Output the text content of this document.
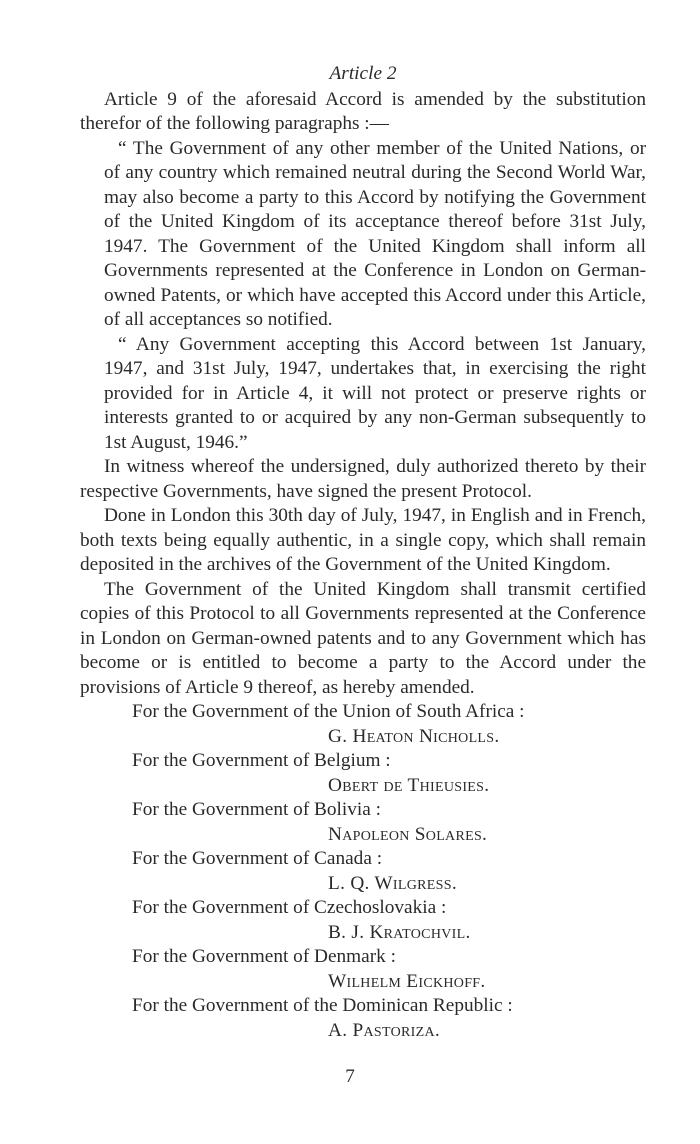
Article 2

Article 9 of the aforesaid Accord is amended by the substitution therefor of the following paragraphs :—

“ The Government of any other member of the United Nations, or of any country which remained neutral during the Second World War, may also become a party to this Accord by notifying the Government of the United Kingdom of its acceptance thereof before 31st July, 1947. The Government of the United Kingdom shall inform all Governments represented at the Conference in London on German-owned Patents, or which have accepted this Accord under this Article, of all acceptances so notified.

“ Any Government accepting this Accord between 1st January, 1947, and 31st July, 1947, undertakes that, in exercising the right provided for in Article 4, it will not protect or preserve rights or interests granted to or acquired by any non-German subsequently to 1st August, 1946.”

In witness whereof the undersigned, duly authorized thereto by their respective Governments, have signed the present Protocol.

Done in London this 30th day of July, 1947, in English and in French, both texts being equally authentic, in a single copy, which shall remain deposited in the archives of the Government of the United Kingdom.

The Government of the United Kingdom shall transmit certified copies of this Protocol to all Governments represented at the Conference in London on German-owned patents and to any Government which has become or is entitled to become a party to the Accord under the provisions of Article 9 thereof, as hereby amended.

For the Government of the Union of South Africa :

G. Heaton Nicholls.

For the Government of Belgium :

Obert de Thieusies.

For the Government of Bolivia :

Napoleon Solares.

For the Government of Canada :

L. Q. Wilgress.

For the Government of Czechoslovakia :

B. J. Kratochvil.

For the Government of Denmark :

Wilhelm Eickhoff.

For the Government of the Dominican Republic :

A. Pastoriza.

7
